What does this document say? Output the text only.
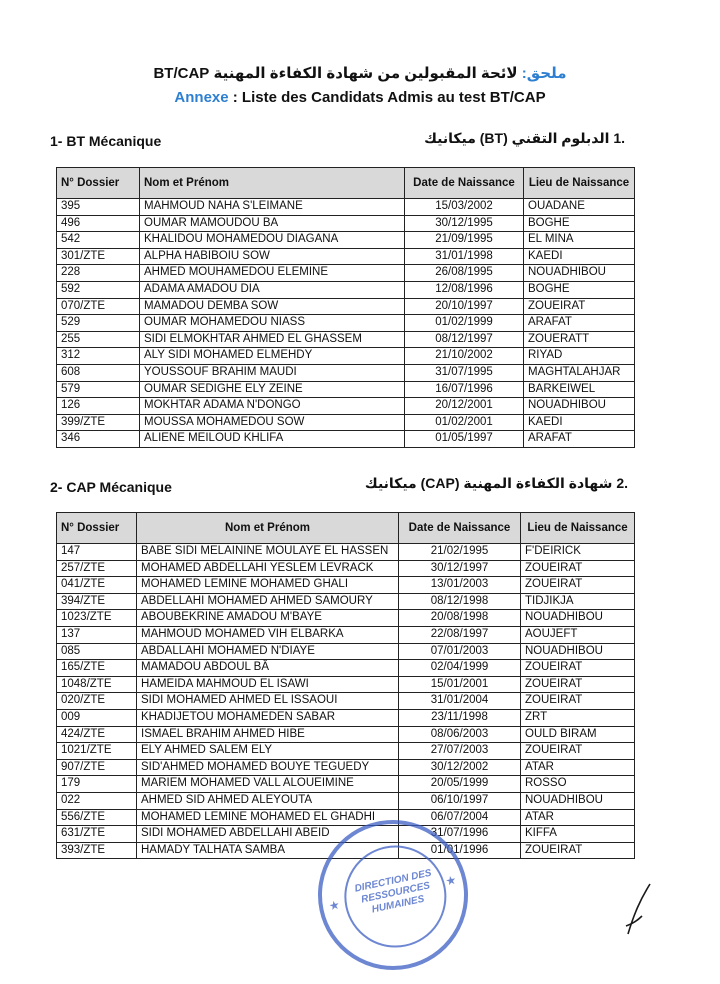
ملحق: لائحة المقبولين من شهادة الكفاءة المهنية BT/CAP
Annexe : Liste des Candidats Admis au test BT/CAP
1- BT Mécanique	.1 الدبلوم التقني (BT) ميكانيك
N° Dossier	Nom et Prénom	Date de Naissance	Lieu de Naissance
395	MAHMOUD NAHA S'LEIMANE	15/03/2002	OUADANE
496	OUMAR MAMOUDOU BA	30/12/1995	BOGHE
542	KHALIDOU MOHAMEDOU DIAGANA	21/09/1995	EL MINA
301/ZTE	ALPHA HABIBOIU SOW	31/01/1998	KAEDI
228	AHMED MOUHAMEDOU ELEMINE	26/08/1995	NOUADHIBOU
592	ADAMA AMADOU DIA	12/08/1996	BOGHE
070/ZTE	MAMADOU DEMBA SOW	20/10/1997	ZOUEIRAT
529	OUMAR MOHAMEDOU NIASS	01/02/1999	ARAFAT
255	SIDI ELMOKHTAR AHMED EL GHASSEM	08/12/1997	ZOUERATT
312	ALY SIDI MOHAMED ELMEHDY	21/10/2002	RIYAD
608	YOUSSOUF BRAHIM MAUDI	31/07/1995	MAGHTALAHJAR
579	OUMAR SEDIGHE ELY ZEINE	16/07/1996	BARKEIWEL
126	MOKHTAR ADAMA N'DONGO	20/12/2001	NOUADHIBOU
399/ZTE	MOUSSA MOHAMEDOU SOW	01/02/2001	KAEDI
346	ALIENE MEILOUD KHLIFA	01/05/1997	ARAFAT
2- CAP Mécanique	.2 شهادة الكفاءة المهنية (CAP) ميكانيك
N° Dossier	Nom et Prénom	Date de Naissance	Lieu de Naissance
147	BABE SIDI MELAININE MOULAYE EL HASSEN	21/02/1995	F'DEIRICK
257/ZTE	MOHAMED ABDELLAHI YESLEM LEVRACK	30/12/1997	ZOUEIRAT
041/ZTE	MOHAMED LEMINE MOHAMED GHALI	13/01/2003	ZOUEIRAT
394/ZTE	ABDELLAHI MOHAMED AHMED SAMOURY	08/12/1998	TIDJIKJA
1023/ZTE	ABOUBEKRINE AMADOU M'BAYE	20/08/1998	NOUADHIBOU
137	MAHMOUD MOHAMED VIH ELBARKA	22/08/1997	AOUJEFT
085	ABDALLAHI MOHAMED N'DIAYE	07/01/2003	NOUADHIBOU
165/ZTE	MAMADOU ABDOUL BÂ	02/04/1999	ZOUEIRAT
1048/ZTE	HAMEIDA MAHMOUD EL ISAWI	15/01/2001	ZOUEIRAT
020/ZTE	SIDI MOHAMED AHMED EL ISSAOUI	31/01/2004	ZOUEIRAT
009	KHADIJETOU MOHAMEDEN SABAR	23/11/1998	ZRT
424/ZTE	ISMAEL BRAHIM AHMED HIBE	08/06/2003	OULD BIRAM
1021/ZTE	ELY AHMED SALEM ELY	27/07/2003	ZOUEIRAT
907/ZTE	SID'AHMED MOHAMED BOUYE TEGUEDY	30/12/2002	ATAR
179	MARIEM MOHAMED VALL ALOUEIMINE	20/05/1999	ROSSO
022	AHMED SID AHMED ALEYOUTA	06/10/1997	NOUADHIBOU
556/ZTE	MOHAMED LEMINE MOHAMED EL GHADHI	06/07/2004	ATAR
631/ZTE	SIDI MOHAMED ABDELLAHI ABEID	31/07/1996	KIFFA
393/ZTE	HAMADY TALHATA SAMBA	01/01/1996	ZOUEIRAT
★
★
DIRECTION DES RESSOURCES HUMAINES
